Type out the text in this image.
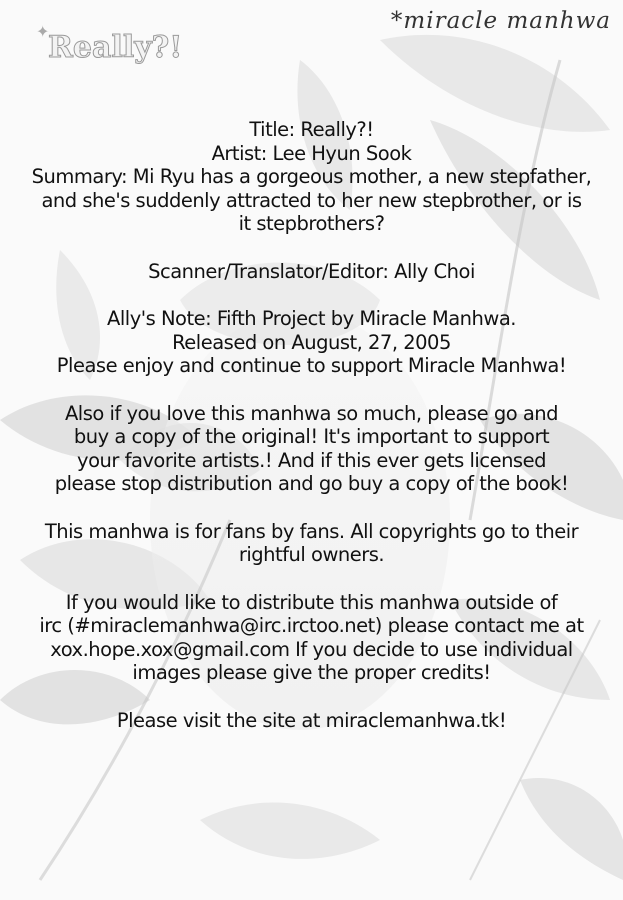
✦
Really?!
*miracle manhwa
Title: Really?!
Artist: Lee Hyun Sook
Summary: Mi Ryu has a gorgeous mother, a new stepfather,
and she's suddenly attracted to her new stepbrother, or is
it stepbrothers?
Scanner/Translator/Editor: Ally Choi
Ally's Note: Fifth Project by Miracle Manhwa.
Released on August, 27, 2005
Please enjoy and continue to support Miracle Manhwa!
Also if you love this manhwa so much, please go and
buy a copy of the original! It's important to support
your favorite artists.! And if this ever gets licensed
please stop distribution and go buy a copy of the book!
This manhwa is for fans by fans. All copyrights go to their
rightful owners.
If you would like to distribute this manhwa outside of
irc (#miraclemanhwa@irc.irctoo.net) please contact me at
xox.hope.xox@gmail.com If you decide to use individual
images please give the proper credits!
Please visit the site at miraclemanhwa.tk!
